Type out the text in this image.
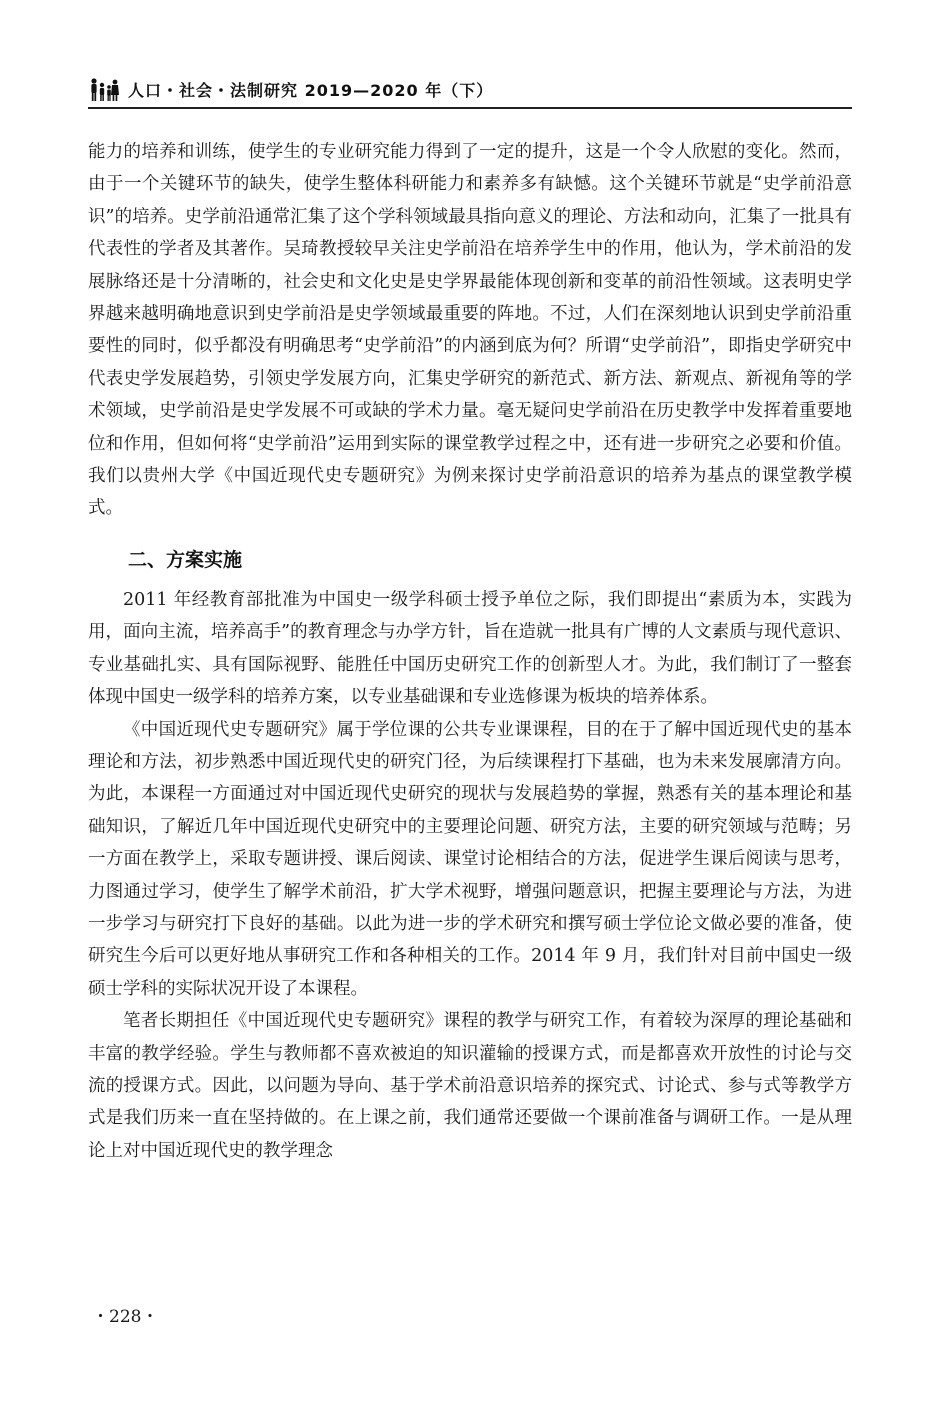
人口・社会・法制研究 2019—2020 年（下）

能力的培养和训练，使学生的专业研究能力得到了一定的提升，这是一个令人欣慰的变化。然而，由于一个关键环节的缺失，使学生整体科研能力和素养多有缺憾。这个关键环节就是“史学前沿意识”的培养。史学前沿通常汇集了这个学科领域最具指向意义的理论、方法和动向，汇集了一批具有代表性的学者及其著作。吴琦教授较早关注史学前沿在培养学生中的作用，他认为，学术前沿的发展脉络还是十分清晰的，社会史和文化史是史学界最能体现创新和变革的前沿性领域。这表明史学界越来越明确地意识到史学前沿是史学领域最重要的阵地。不过，人们在深刻地认识到史学前沿重要性的同时，似乎都没有明确思考“史学前沿”的内涵到底为何？所谓“史学前沿”，即指史学研究中代表史学发展趋势，引领史学发展方向，汇集史学研究的新范式、新方法、新观点、新视角等的学术领域，史学前沿是史学发展不可或缺的学术力量。毫无疑问史学前沿在历史教学中发挥着重要地位和作用，但如何将“史学前沿”运用到实际的课堂教学过程之中，还有进一步研究之必要和价值。我们以贵州大学《中国近现代史专题研究》为例来探讨史学前沿意识的培养为基点的课堂教学模式。

二、方案实施

2011 年经教育部批准为中国史一级学科硕士授予单位之际，我们即提出“素质为本，实践为用，面向主流，培养高手”的教育理念与办学方针，旨在造就一批具有广博的人文素质与现代意识、专业基础扎实、具有国际视野、能胜任中国历史研究工作的创新型人才。为此，我们制订了一整套体现中国史一级学科的培养方案，以专业基础课和专业选修课为板块的培养体系。

《中国近现代史专题研究》属于学位课的公共专业课课程，目的在于了解中国近现代史的基本理论和方法，初步熟悉中国近现代史的研究门径，为后续课程打下基础，也为未来发展廓清方向。为此，本课程一方面通过对中国近现代史研究的现状与发展趋势的掌握，熟悉有关的基本理论和基础知识，了解近几年中国近现代史研究中的主要理论问题、研究方法，主要的研究领域与范畴；另一方面在教学上，采取专题讲授、课后阅读、课堂讨论相结合的方法，促进学生课后阅读与思考，力图通过学习，使学生了解学术前沿，扩大学术视野，增强问题意识，把握主要理论与方法，为进一步学习与研究打下良好的基础。以此为进一步的学术研究和撰写硕士学位论文做必要的准备，使研究生今后可以更好地从事研究工作和各种相关的工作。2014 年 9 月，我们针对目前中国史一级硕士学科的实际状况开设了本课程。

笔者长期担任《中国近现代史专题研究》课程的教学与研究工作，有着较为深厚的理论基础和丰富的教学经验。学生与教师都不喜欢被迫的知识灌输的授课方式，而是都喜欢开放性的讨论与交流的授课方式。因此，以问题为导向、基于学术前沿意识培养的探究式、讨论式、参与式等教学方式是我们历来一直在坚持做的。在上课之前，我们通常还要做一个课前准备与调研工作。一是从理论上对中国近现代史的教学理念

・228・
